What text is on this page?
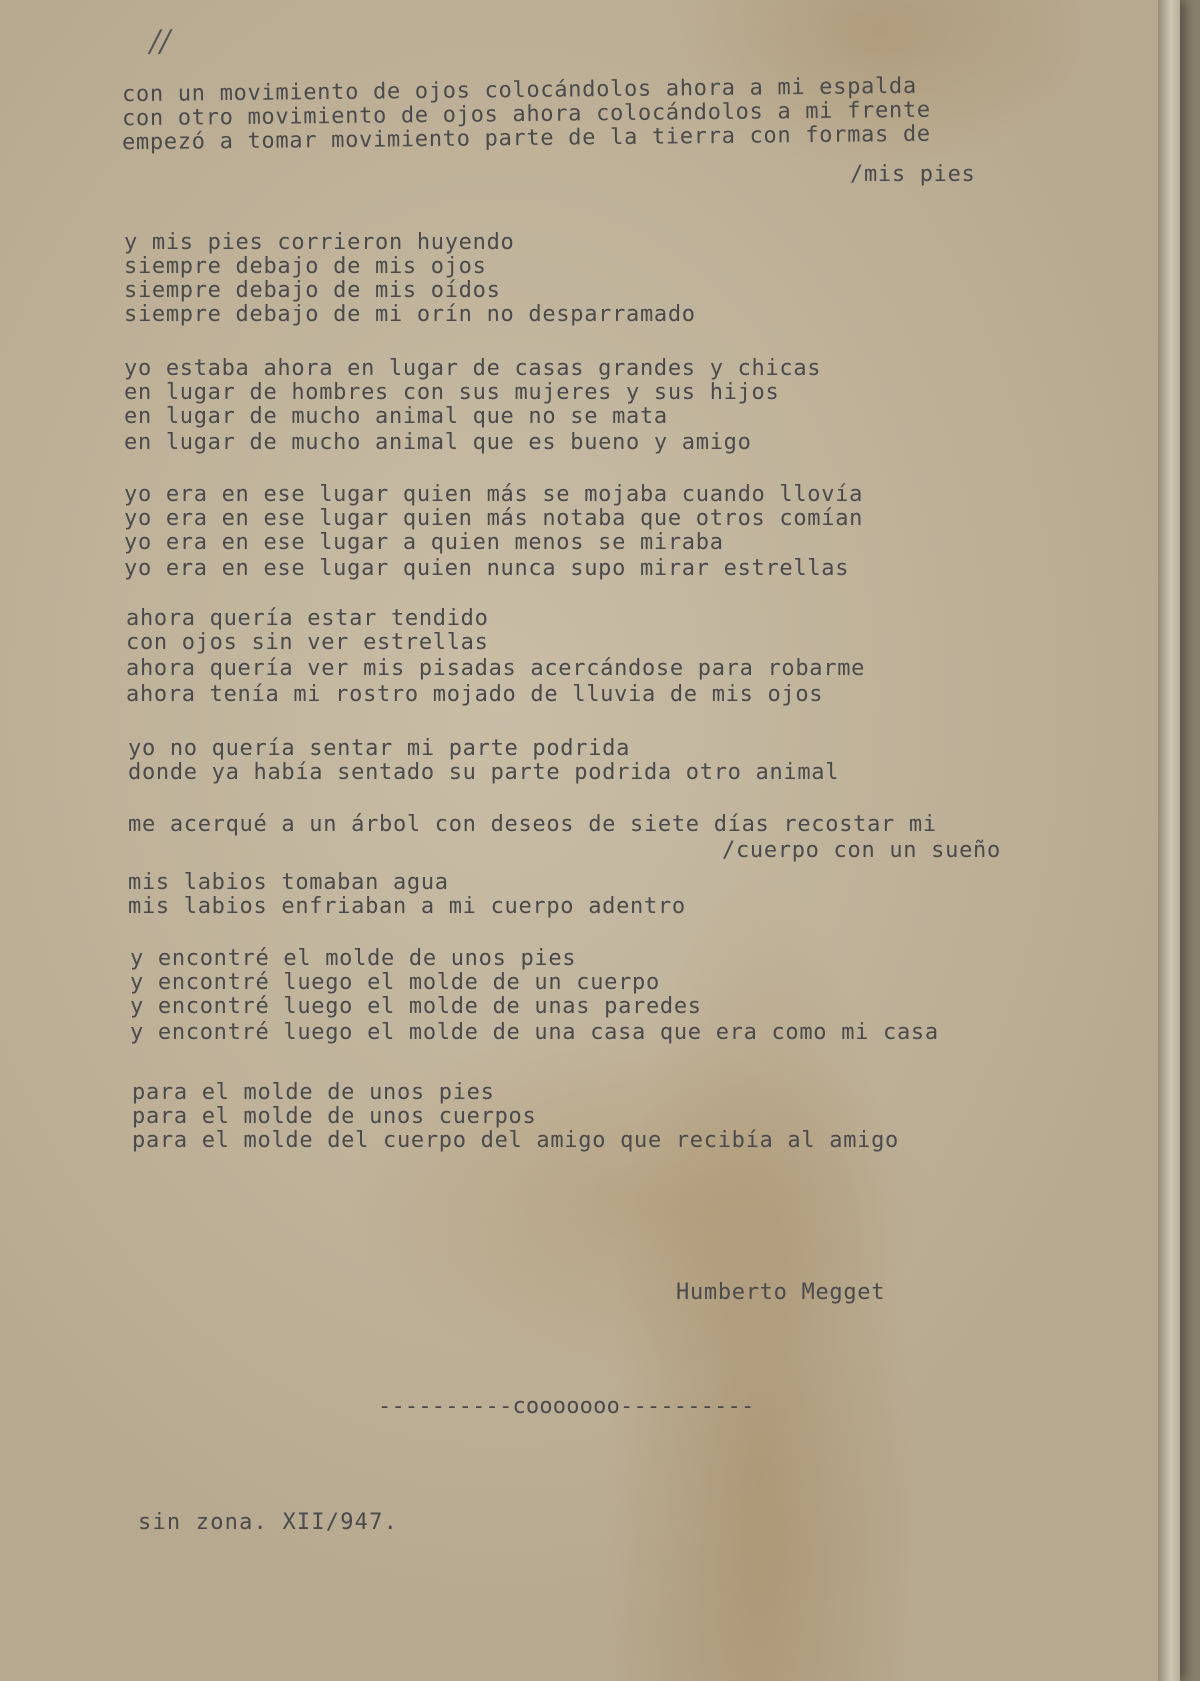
//
con un movimiento de ojos colocándolos ahora a mi espalda
con otro movimiento de ojos ahora colocándolos a mi frente
empezó a tomar movimiento parte de la tierra con formas de
/mis pies
y mis pies corrieron huyendo
siempre debajo de mis ojos
siempre debajo de mis oídos
siempre debajo de mi orín no desparramado
yo estaba ahora en lugar de casas grandes y chicas
en lugar de hombres con sus mujeres y sus hijos
en lugar de mucho animal que no se mata
en lugar de mucho animal que es bueno y amigo
yo era en ese lugar quien más se mojaba cuando llovía
yo era en ese lugar quien más notaba que otros comían
yo era en ese lugar a quien menos se miraba
yo era en ese lugar quien nunca supo mirar estrellas
ahora quería estar tendido
con ojos sin ver estrellas
ahora quería ver mis pisadas acercándose para robarme
ahora tenía mi rostro mojado de lluvia de mis ojos
yo no quería sentar mi parte podrida
donde ya había sentado su parte podrida otro animal
me acerqué a un árbol con deseos de siete días recostar mi
/cuerpo con un sueño
mis labios tomaban agua
mis labios enfriaban a mi cuerpo adentro
y encontré el molde de unos pies
y encontré luego el molde de un cuerpo
y encontré luego el molde de unas paredes
y encontré luego el molde de una casa que era como mi casa
para el molde de unos pies
para el molde de unos cuerpos
para el molde del cuerpo del amigo que recibía al amigo
Humberto Megget
----------cooooooo----------
sin zona. XII/947.
